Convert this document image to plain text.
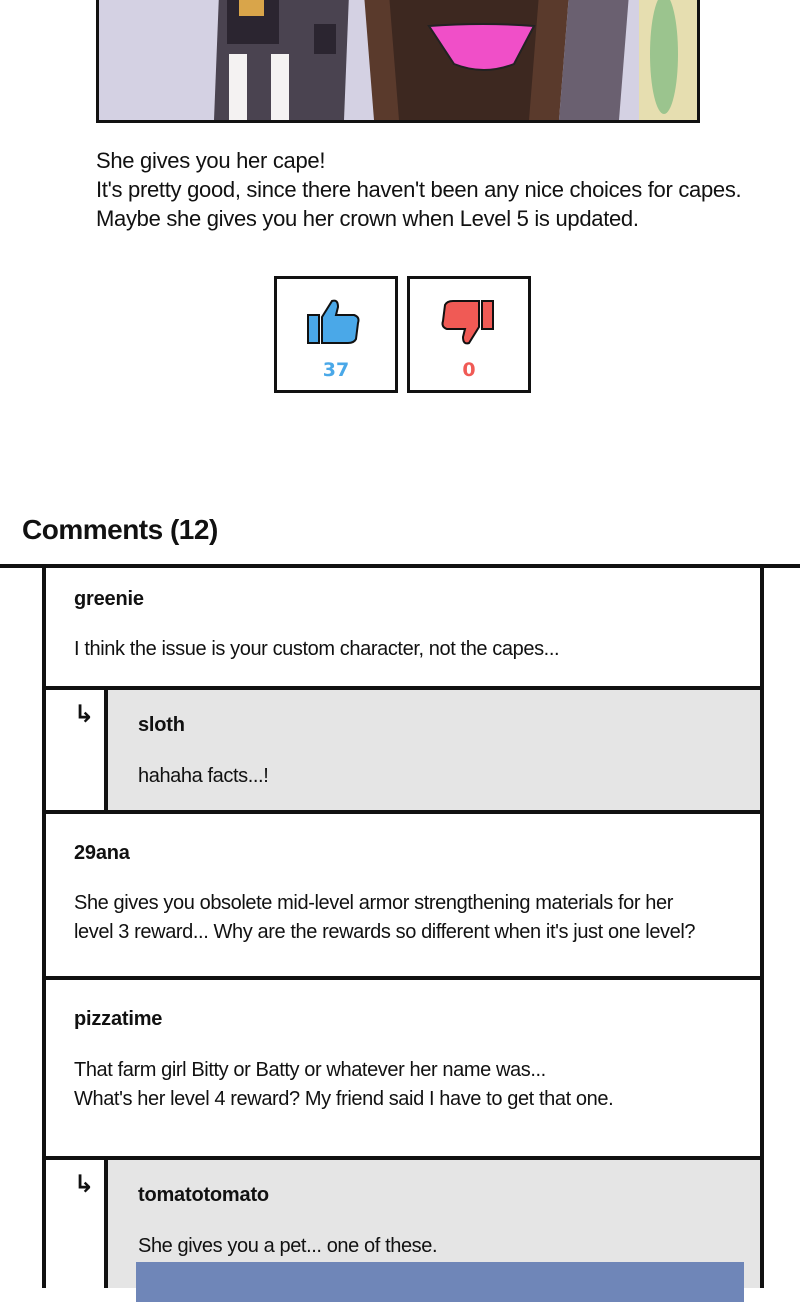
She gives you her cape!
It's pretty good, since there haven't been any nice choices for capes.
Maybe she gives you her crown when Level 5 is updated.
37	0
Comments (12)
greenie
I think the issue is your custom character, not the capes...
↳ sloth
hahaha facts...!
29ana
She gives you obsolete mid-level armor strengthening materials for her
level 3 reward... Why are the rewards so different when it's just one level?
pizzatime
That farm girl Bitty or Batty or whatever her name was...
What's her level 4 reward? My friend said I have to get that one.
↳ tomatotomato
She gives you a pet... one of these.
